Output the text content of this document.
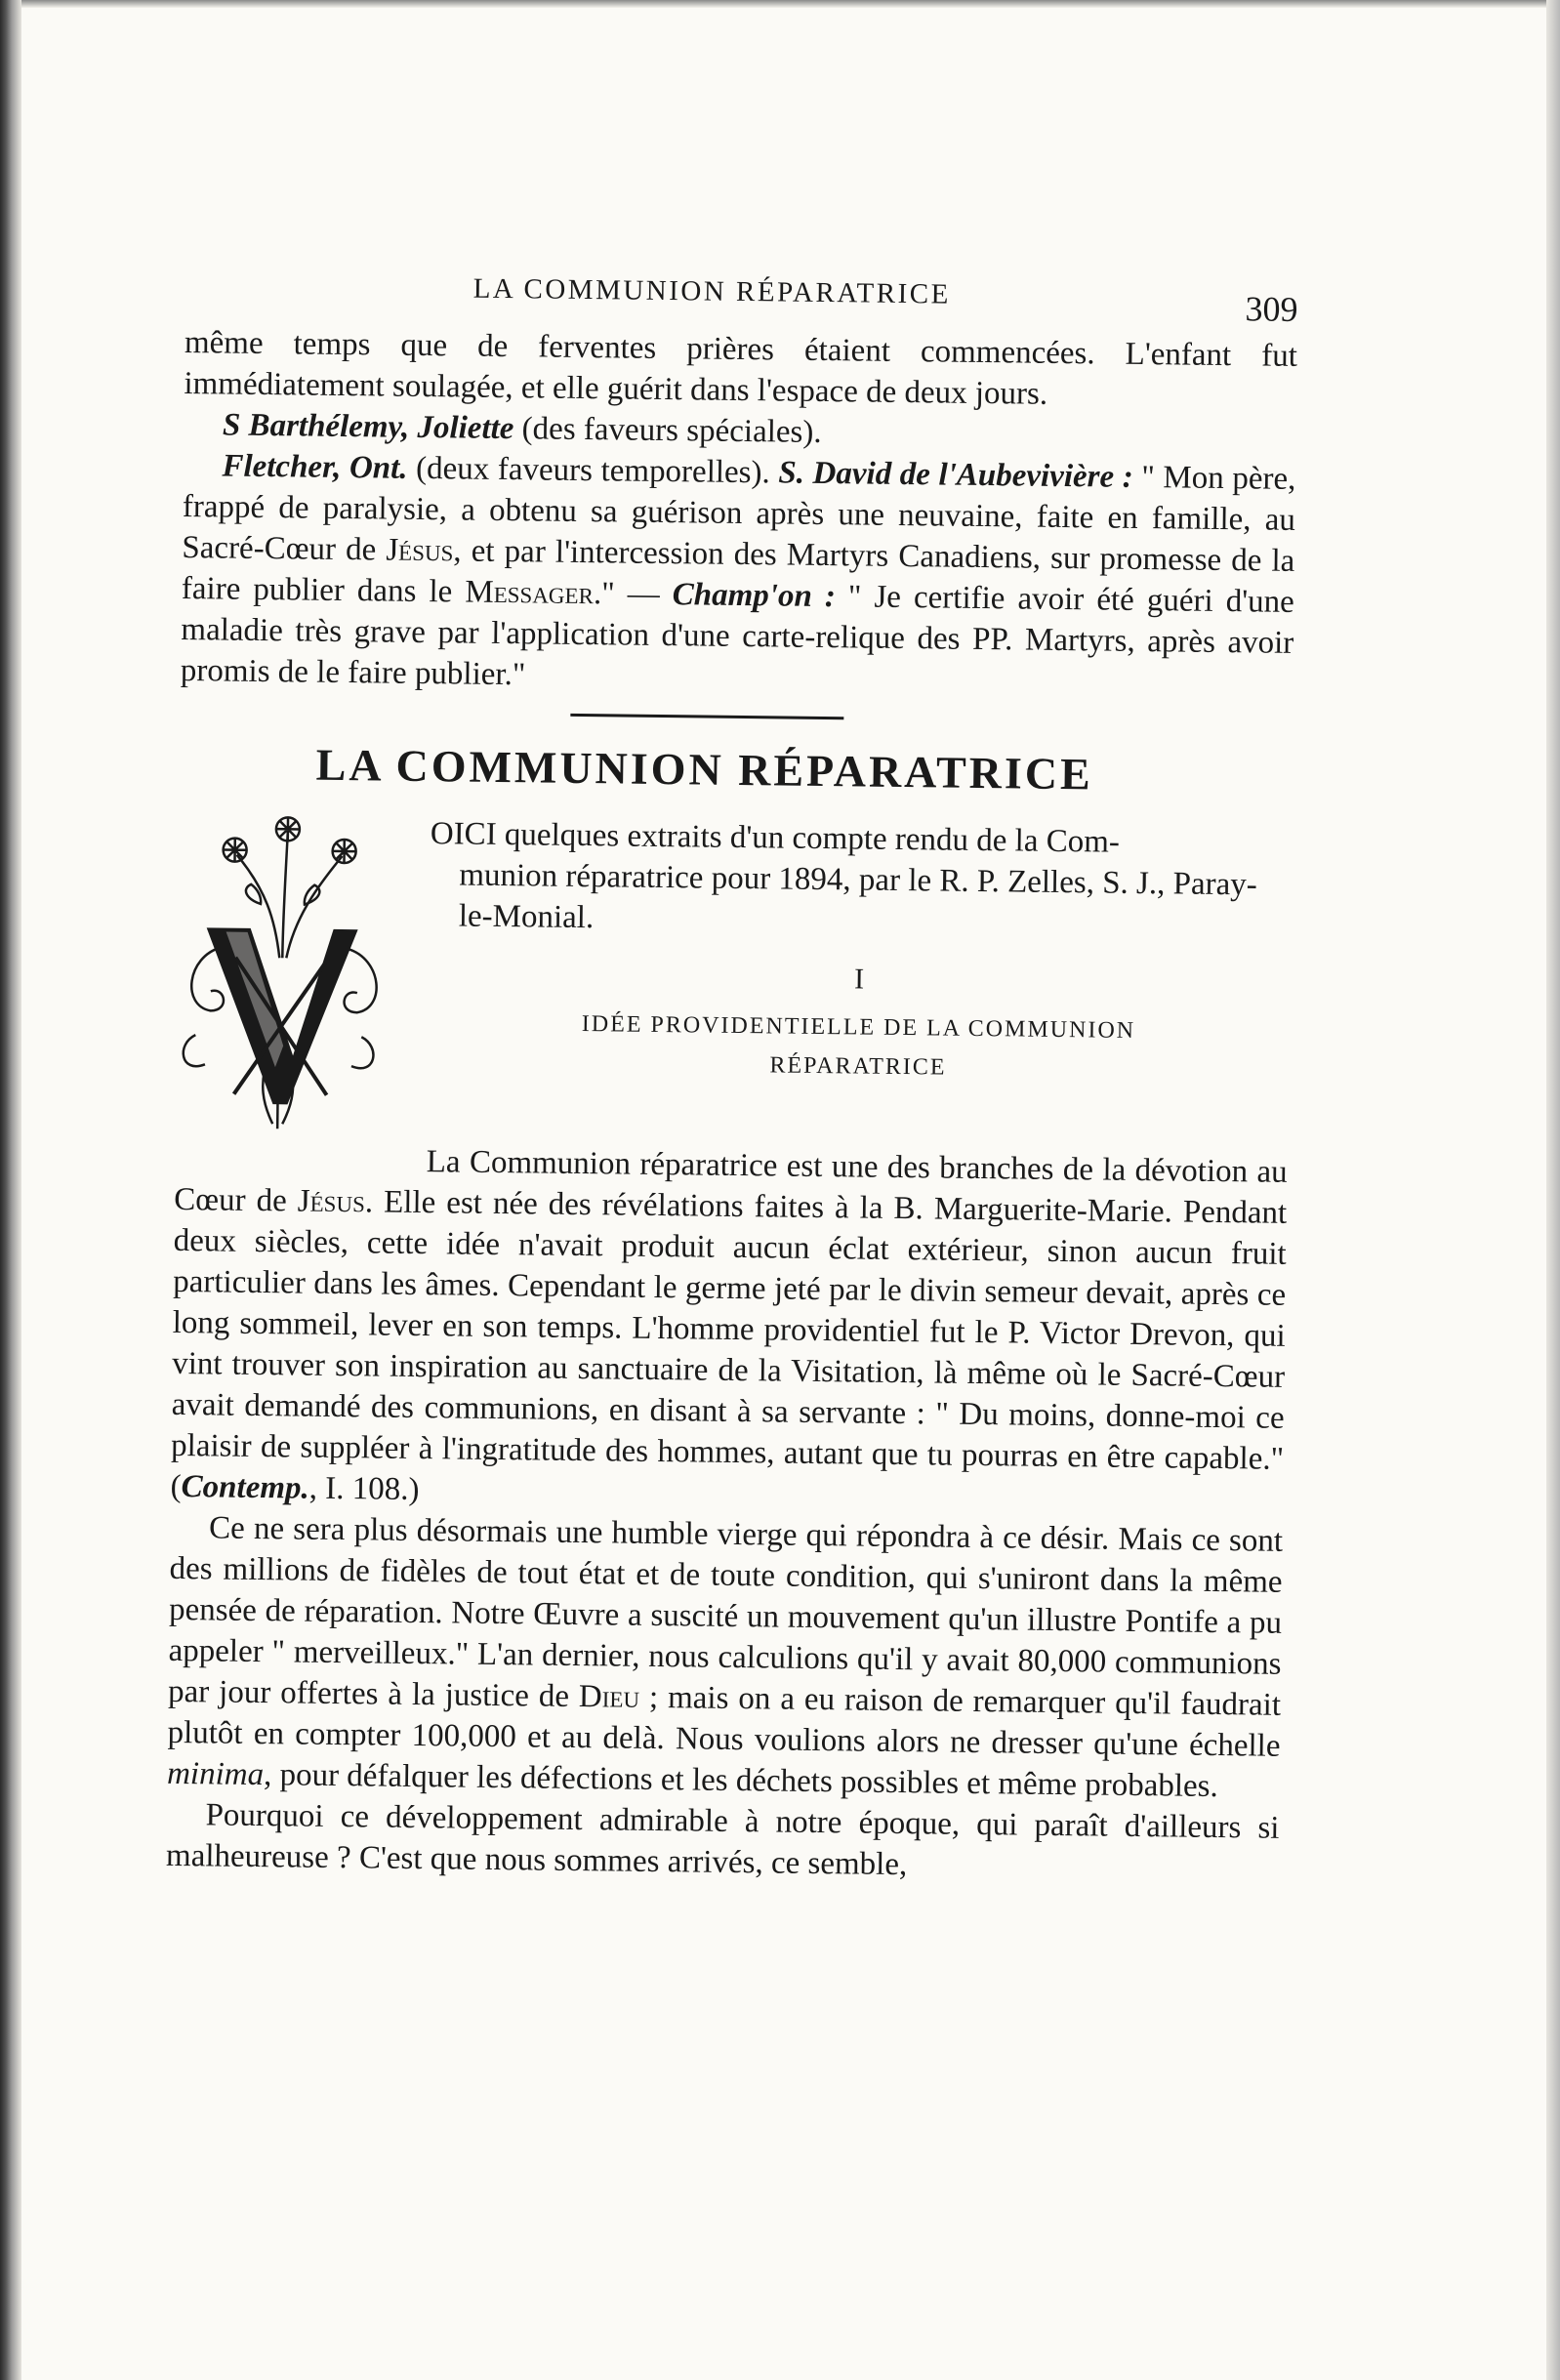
LA COMMUNION RÉPARATRICE	309

même temps que de ferventes prières étaient commencées. L'enfant fut immédiatement soulagée, et elle guérit dans l'espace de deux jours.

S Barthélemy, Joliette (des faveurs spéciales).

Fletcher, Ont. (deux faveurs temporelles). S. David de l'Aubevivière : " Mon père, frappé de paralysie, a obtenu sa guérison après une neuvaine, faite en famille, au Sacré-Cœur de Jésus, et par l'intercession des Martyrs Canadiens, sur promesse de la faire publier dans le Messager." — Champ'on : " Je certifie avoir été guéri d'une maladie très grave par l'application d'une carte-relique des PP. Martyrs, après avoir promis de le faire publier."

LA COMMUNION RÉPARATRICE
OICI quelques extraits d'un compte rendu de la Com-
munion réparatrice pour 1894, par le R. P. Zelles, S. J., Paray-le-Monial.
I
IDÉE PROVIDENTIELLE DE LA COMMUNION
RÉPARATRICE

La Communion réparatrice est une des branches de la dévotion au Cœur de Jésus. Elle est née des révélations faites à la B. Marguerite-Marie. Pendant deux siècles, cette idée n'avait produit aucun éclat extérieur, sinon aucun fruit particulier dans les âmes. Cependant le germe jeté par le divin semeur devait, après ce long sommeil, lever en son temps. L'homme providentiel fut le P. Victor Drevon, qui vint trouver son inspiration au sanctuaire de la Visitation, là même où le Sacré-Cœur avait demandé des communions, en disant à sa servante : " Du moins, donne-moi ce plaisir de suppléer à l'ingratitude des hommes, autant que tu pourras en être capable." (Contemp., I. 108.)

Ce ne sera plus désormais une humble vierge qui répondra à ce désir. Mais ce sont des millions de fidèles de tout état et de toute condition, qui s'uniront dans la même pensée de réparation. Notre Œuvre a suscité un mouvement qu'un illustre Pontife a pu appeler " merveilleux." L'an dernier, nous calculions qu'il y avait 80,000 communions par jour offertes à la justice de Dieu ; mais on a eu raison de remarquer qu'il faudrait plutôt en compter 100,000 et au delà. Nous voulions alors ne dresser qu'une échelle minima, pour défalquer les défections et les déchets possibles et même probables.

Pourquoi ce développement admirable à notre époque, qui paraît d'ailleurs si malheureuse ? C'est que nous sommes arrivés, ce semble,
